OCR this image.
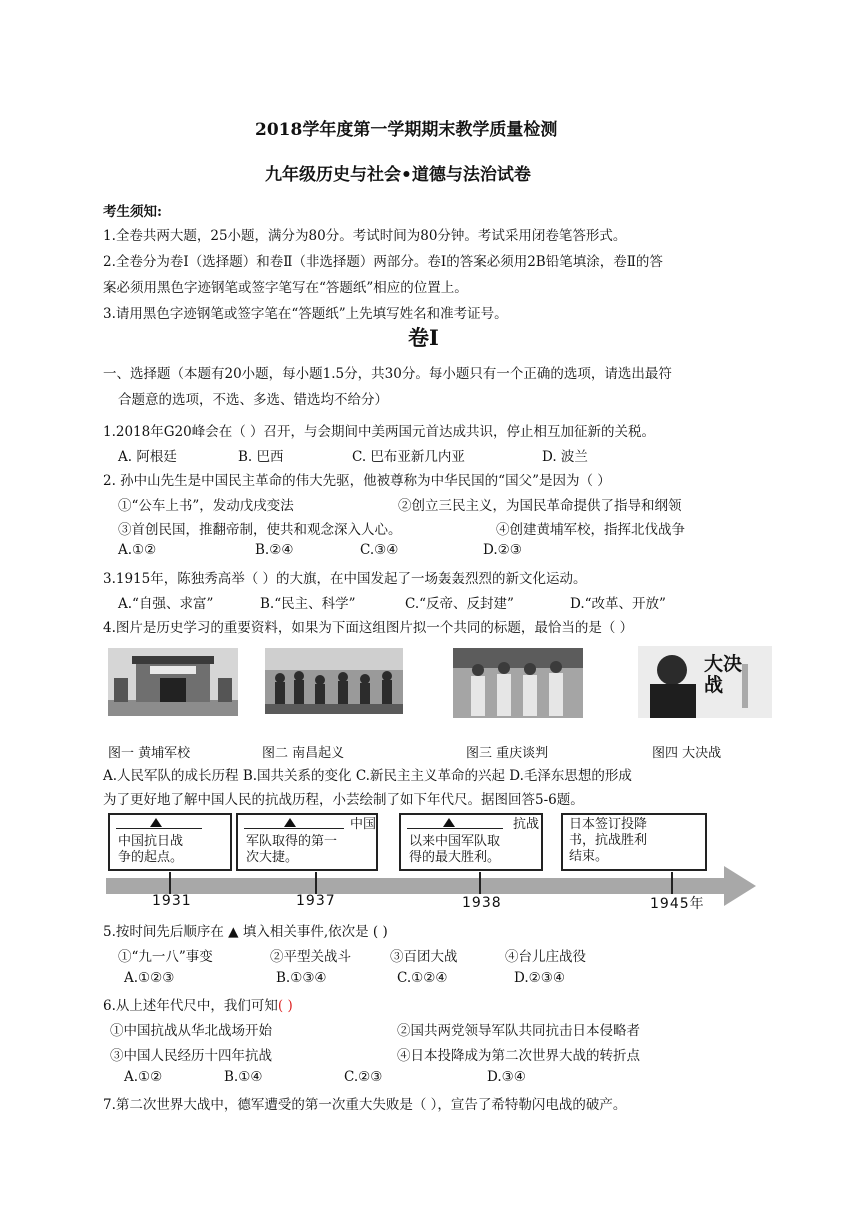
2018学年度第一学期期末教学质量检测
九年级历史与社会•道德与法治试卷
考生须知:
1.全卷共两大题，25小题，满分为80分。考试时间为80分钟。考试采用闭卷笔答形式。
2.全卷分为卷Ⅰ（选择题）和卷Ⅱ（非选择题）两部分。卷Ⅰ的答案必须用2B铅笔填涂，卷Ⅱ的答
案必须用黑色字迹钢笔或签字笔写在“答题纸”相应的位置上。
3.请用黑色字迹钢笔或签字笔在“答题纸”上先填写姓名和准考证号。
卷Ⅰ
一、选择题（本题有20小题，每小题1.5分，共30分。每小题只有一个正确的选项，请选出最符
合题意的选项，不选、多选、错选均不给分）
1.2018年G20峰会在（ ）召开，与会期间中美两国元首达成共识，停止相互加征新的关税。
A. 阿根廷	B. 巴西	C. 巴布亚新几内亚	D. 波兰
2. 孙中山先生是中国民主革命的伟大先驱，他被尊称为中华民国的“国父”是因为（ ）
①“公车上书”，发动戊戌变法	②创立三民主义，为国民革命提供了指导和纲领
③首创民国，推翻帝制，使共和观念深入人心。	④创建黄埔军校，指挥北伐战争
A.①②	B.②④	C.③④	D.②③
3.1915年，陈独秀高举（ ）的大旗，在中国发起了一场轰轰烈烈的新文化运动。
A.“自强、求富”	B.“民主、科学”	C.“反帝、反封建”	D.“改革、开放”
4.图片是历史学习的重要资料，如果为下面这组图片拟一个共同的标题，最恰当的是（ ）
大决战
图一 黄埔军校	图二 南昌起义	图三 重庆谈判	图四 大决战
A.人民军队的成长历程 B.国共关系的变化 C.新民主主义革命的兴起 D.毛泽东思想的形成
为了更好地了解中国人民的抗战历程，小芸绘制了如下年代尺。据图回答5-6题。
中国抗日战
争的起点。
中国
军队取得的第一
次大捷。
抗战
以来中国军队取
得的最大胜利。
日本签订投降
书，抗战胜利
结束。
1931	1937	1938	1945年
5.按时间先后顺序在 ▲ 填入相关事件,依次是 ( )
①“九一八”事变	②平型关战斗	③百团大战	④台儿庄战役
A.①②③	B.①③④	C.①②④	D.②③④
6.从上述年代尺中，我们可知( )
①中国抗战从华北战场开始	②国共两党领导军队共同抗击日本侵略者
③中国人民经历十四年抗战	④日本投降成为第二次世界大战的转折点
A.①②	B.①④	C.②③	D.③④
7.第二次世界大战中，德军遭受的第一次重大失败是（ ），宣告了希特勒闪电战的破产。
